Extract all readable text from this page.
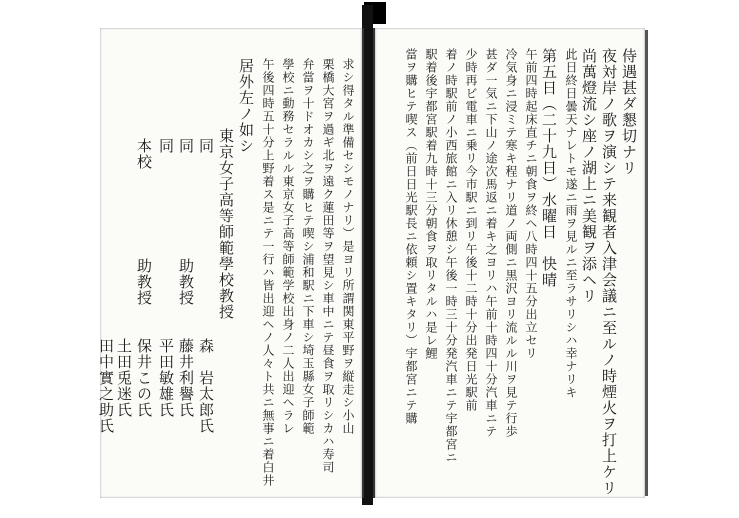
侍遇甚ダ懇切ナリ
夜対岸ノ歌ヲ演シテ来観者入津会議ニ至ルノ時煙火ヲ打上ケリ
尚萬燈流シ座ノ湖上ニ美観ヲ添ヘリ
此日終日曇天ナレトモ遂ニ雨ヲ見ルニ至ラサリシハ幸ナリキ
第五日（二十九日）水曜日　快晴
午前四時起床直チニ朝食ヲ終ヘ八時四十五分出立セリ
冷気身ニ浸ミテ寒キ程ナリ道ノ両側ニ黒沢ヨリ流ルル川ヲ見テ行歩
甚ダ一気ニ下山ノ途次馬返ニ着キ之ヨリハ午前十時四十分汽車ニテ
少時再ビ電車ニ乗リ今市駅ニ到リ午後十二時十分出発日光駅前
着ノ時駅前ノ小西旅館ニ入リ休憩シ午後一時三十分発汽車ニテ宇都宮ニ
駅着後宇都宮駅着九時十三分朝食ヲ取リタルハ是レ鯉
當ヲ購ヒテ喫ス（前日日光駅長ニ依頼シ置キタリ）宇都宮ニテ購
求シ得タル準備セシモノナリ）是ヨリ所謂関東平野ヲ縦走シ小山
栗橋大宮ヲ過ギ北ヲ遠ク蓮田等ヲ望見シ車中ニテ昼食ヲ取リシカハ寿司
弁當ヲ十ドオカシ之ヲ購ヒテ喫シ浦和駅ニ下車シ埼玉縣女子師範
學校ニ動務セラルル東京女子高等師範学校出身ノ二人出迎ヘラレ
午後四時五十分上野着ス是ニテ一行ハ皆出迎ヘノ人々ト共ニ無事ニ着白井
居外左ノ如シ
東京女子高等師範學校教授
同
森　岩太郎氏
同
助教授
藤井利譽氏
同
平田敏雄氏
本校
助教授
保井この氏
土田兎迷氏
田中實之助氏
